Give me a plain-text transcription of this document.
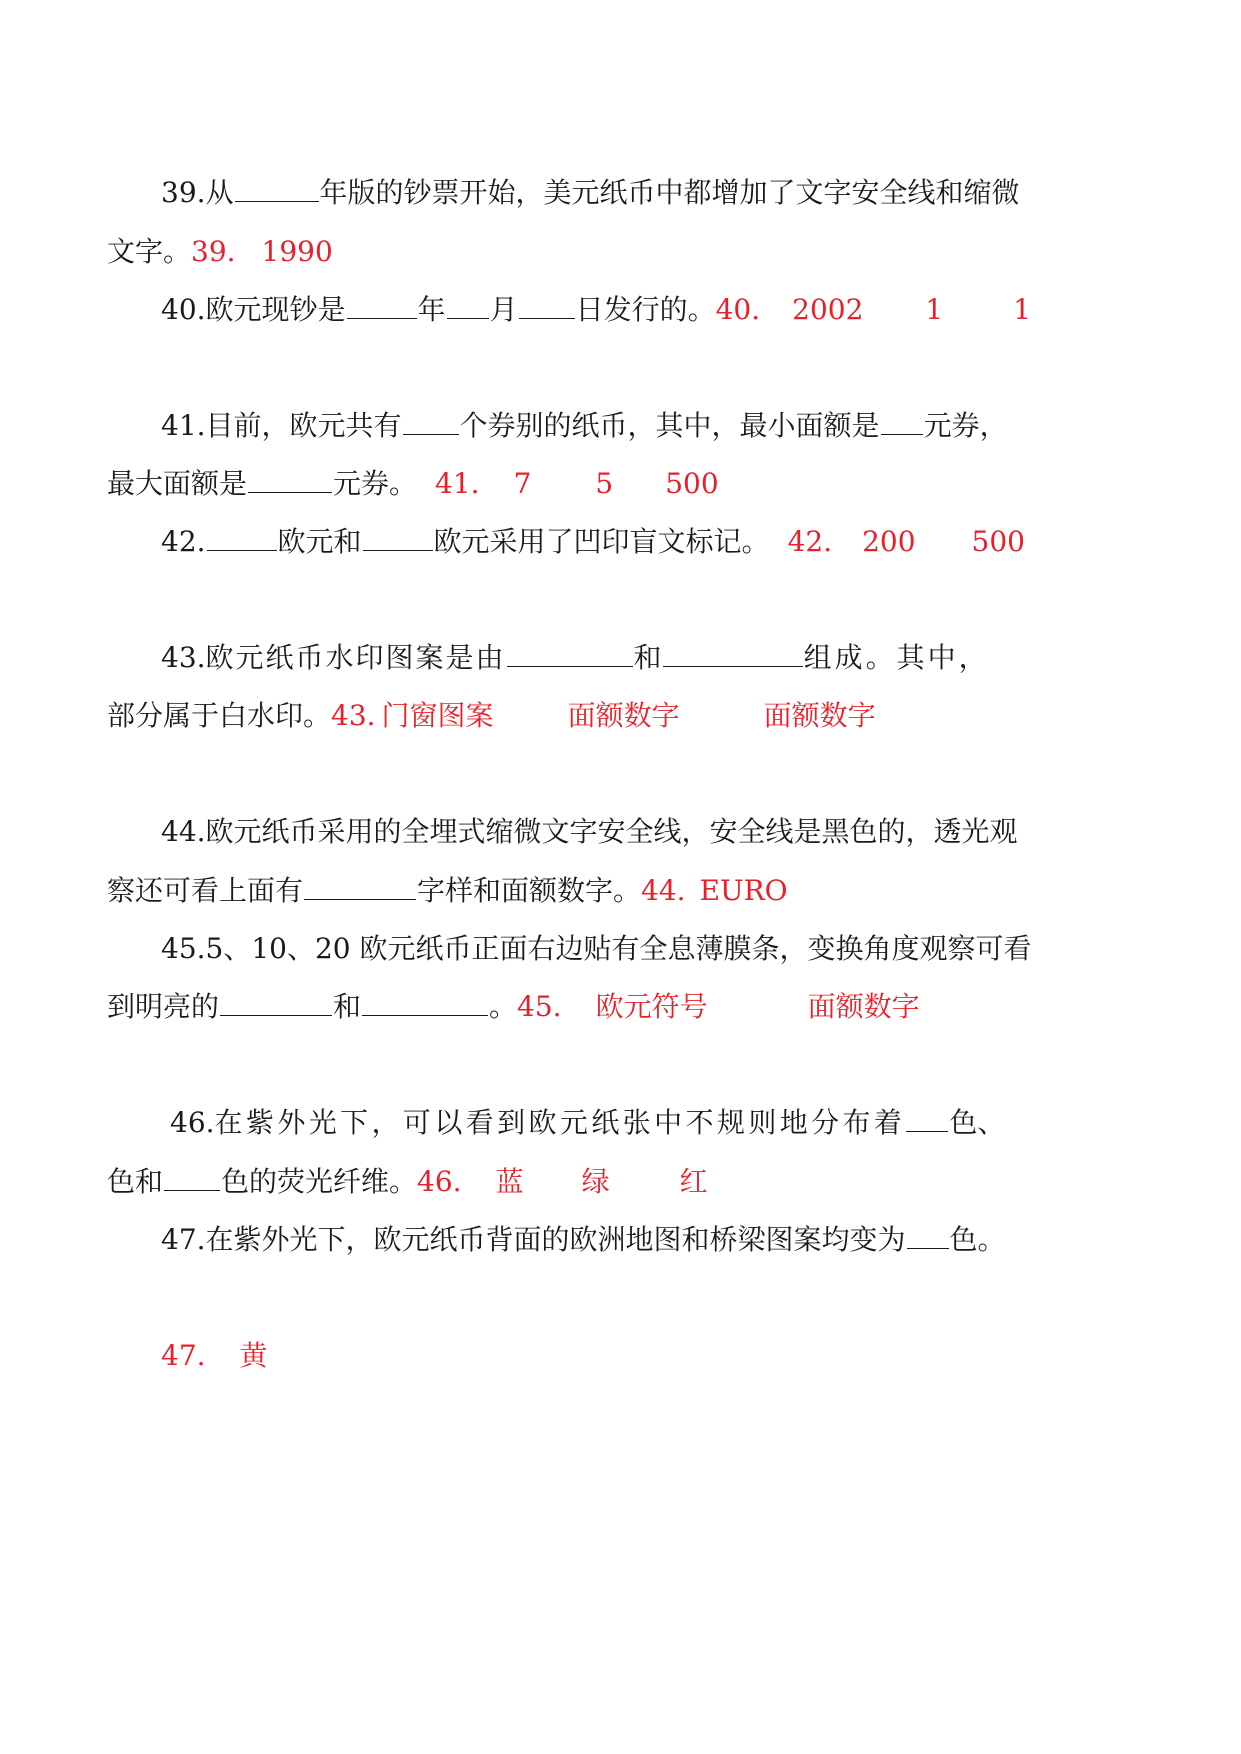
39.从	年版的钞票开始，美元纸币中都增加了文字安全线和缩微
文字。39. 1990
40.欧元现钞是	年 月 日发行的。40. 2002 1	1
41.目前，欧元共有 个券别的纸币，其中，最小面额是 元券，
最大面额是	元券。 41. 7 5 500
42.	欧元和	欧元采用了凹印盲文标记。 42. 200 500
43.欧元纸币水印图案是由	和	组成。其中，
部分属于白水印。43. 门窗图案	面额数字	面额数字
44.欧元纸币采用的全埋式缩微文字安全线，安全线是黑色的，透光观
察还可看上面有	字样和面额数字。44. EURO
45.5、10、20 欧元纸币正面右边贴有全息薄膜条，变换角度观察可看
到明亮的	和	。45. 欧元符号	面额数字
46.在紫外光下，可以看到欧元纸张中不规则地分布着 色、
色和 色的荧光纤维。46. 蓝 绿	红
47.在紫外光下，欧元纸币背面的欧洲地图和桥梁图案均变为 色。
47. 黄
